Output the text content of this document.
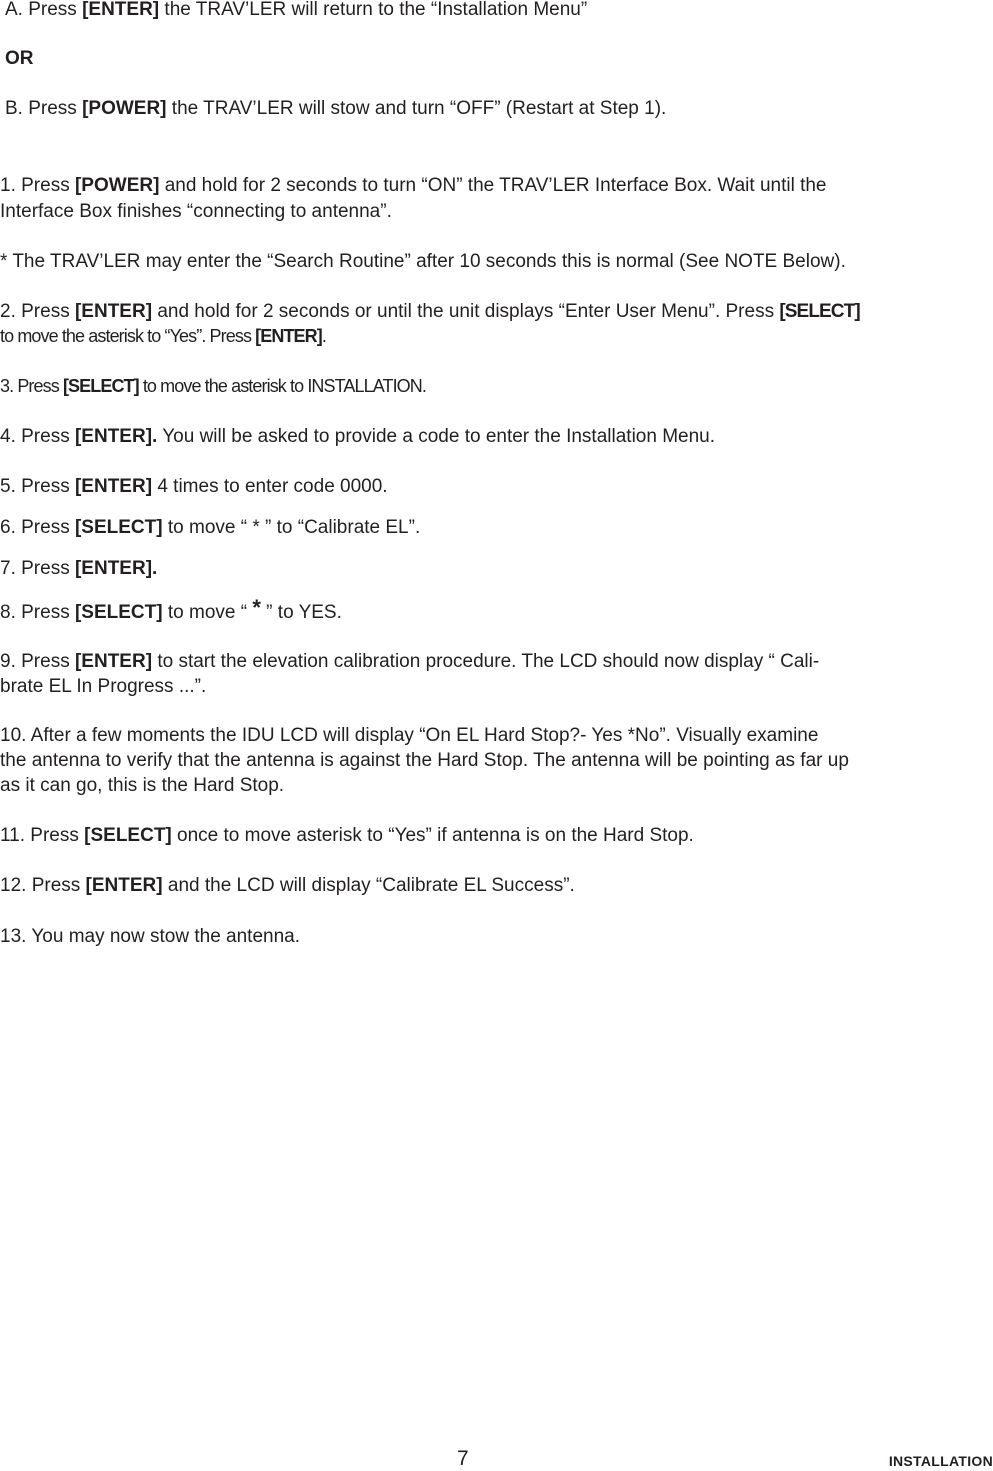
A. Press [ENTER] the TRAV’LER will return to the “Installation Menu”
OR
B. Press [POWER] the TRAV’LER will stow and turn “OFF” (Restart at Step 1).
1. Press [POWER] and hold for 2 seconds to turn “ON” the TRAV’LER Interface Box. Wait until the
Interface Box finishes “connecting to antenna”.
* The TRAV’LER may enter the “Search Routine” after 10 seconds this is normal (See NOTE Below).
2. Press [ENTER] and hold for 2 seconds or until the unit displays “Enter User Menu”. Press [SELECT]
to move the asterisk to “Yes”. Press [ENTER].
3. Press [SELECT] to move the asterisk to INSTALLATION.
4. Press [ENTER]. You will be asked to provide a code to enter the Installation Menu.
5. Press [ENTER] 4 times to enter code 0000.
6. Press [SELECT] to move “ * ” to “Calibrate EL”.
7. Press [ENTER].
8. Press [SELECT] to move “ * ” to YES.
9. Press [ENTER] to start the elevation calibration procedure. The LCD should now display “ Cali-
brate EL In Progress ...”.
10. After a few moments the IDU LCD will display “On EL Hard Stop?- Yes *No”. Visually examine
the antenna to verify that the antenna is against the Hard Stop. The antenna will be pointing as far up
as it can go, this is the Hard Stop.
11. Press [SELECT] once to move asterisk to “Yes” if antenna is on the Hard Stop.
12. Press [ENTER] and the LCD will display “Calibrate EL Success”.
13. You may now stow the antenna.
7	INSTALLATION
